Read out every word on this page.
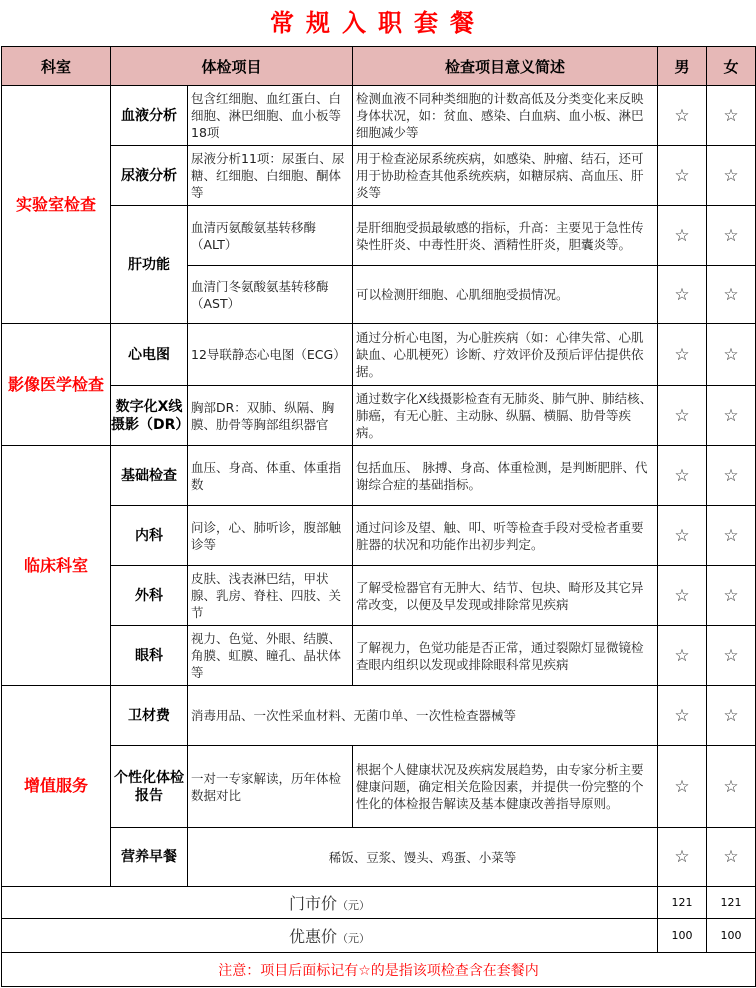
常规入职套餐
科室	体检项目		检查项目意义简述	男	女
实验室检查	血液分析	包含红细胞、血红蛋白、白细胞、淋巴细胞、血小板等18项	检测血液不同种类细胞的计数高低及分类变化来反映身体状况，如：贫血、感染、白血病、血小板、淋巴细胞减少等	☆	☆
	尿液分析	尿液分析11项：尿蛋白、尿糖、红细胞、白细胞、酮体等	用于检查泌尿系统疾病，如感染、肿瘤、结石，还可用于协助检查其他系统疾病，如糖尿病、高血压、肝炎等	☆	☆
	肝功能	血清丙氨酸氨基转移酶（ALT）	是肝细胞受损最敏感的指标，升高：主要见于急性传染性肝炎、中毒性肝炎、酒精性肝炎，胆囊炎等。	☆	☆
		血清门冬氨酸氨基转移酶（AST）	可以检测肝细胞、心肌细胞受损情况。	☆	☆
影像医学检查	心电图	12导联静态心电图（ECG）	通过分析心电图，为心脏疾病（如：心律失常、心肌缺血、心肌梗死）诊断、疗效评价及预后评估提供依据。	☆	☆
	数字化X线摄影（DR）	胸部DR：双肺、纵隔、胸膜、肋骨等胸部组织器官	通过数字化X线摄影检查有无肺炎、肺气肿、肺结核、肺癌，有无心脏、主动脉、纵膈、横膈、肋骨等疾病。	☆	☆
临床科室	基础检查	血压、身高、体重、体重指数	包括血压、 脉搏、身高、体重检测，是判断肥胖、代谢综合症的基础指标。	☆	☆
	内科	问诊，心、肺听诊，腹部触诊等	通过问诊及望、触、叩、听等检查手段对受检者重要脏器的状况和功能作出初步判定。	☆	☆
	外科	皮肤、浅表淋巴结，甲状腺、乳房、脊柱、四肢、关节	了解受检器官有无肿大、结节、包块、畸形及其它异常改变，以便及早发现或排除常见疾病	☆	☆
	眼科	视力、色觉、外眼、结膜、角膜、虹膜、瞳孔、晶状体等	了解视力，色觉功能是否正常，通过裂隙灯显微镜检查眼内组织以发现或排除眼科常见疾病	☆	☆
增值服务	卫材费	消毒用品、一次性采血材料、无菌巾单、一次性检查器械等		☆	☆
	个性化体检报告	一对一专家解读，历年体检数据对比	根据个人健康状况及疾病发展趋势，由专家分析主要健康问题，确定相关危险因素，并提供一份完整的个性化的体检报告解读及基本健康改善指导原则。	☆	☆
	营养早餐	稀饭、豆浆、馒头、鸡蛋、小菜等		☆	☆
门市价（元）				121	121
优惠价（元）				100	100
注意：项目后面标记有☆的是指该项检查含在套餐内					
